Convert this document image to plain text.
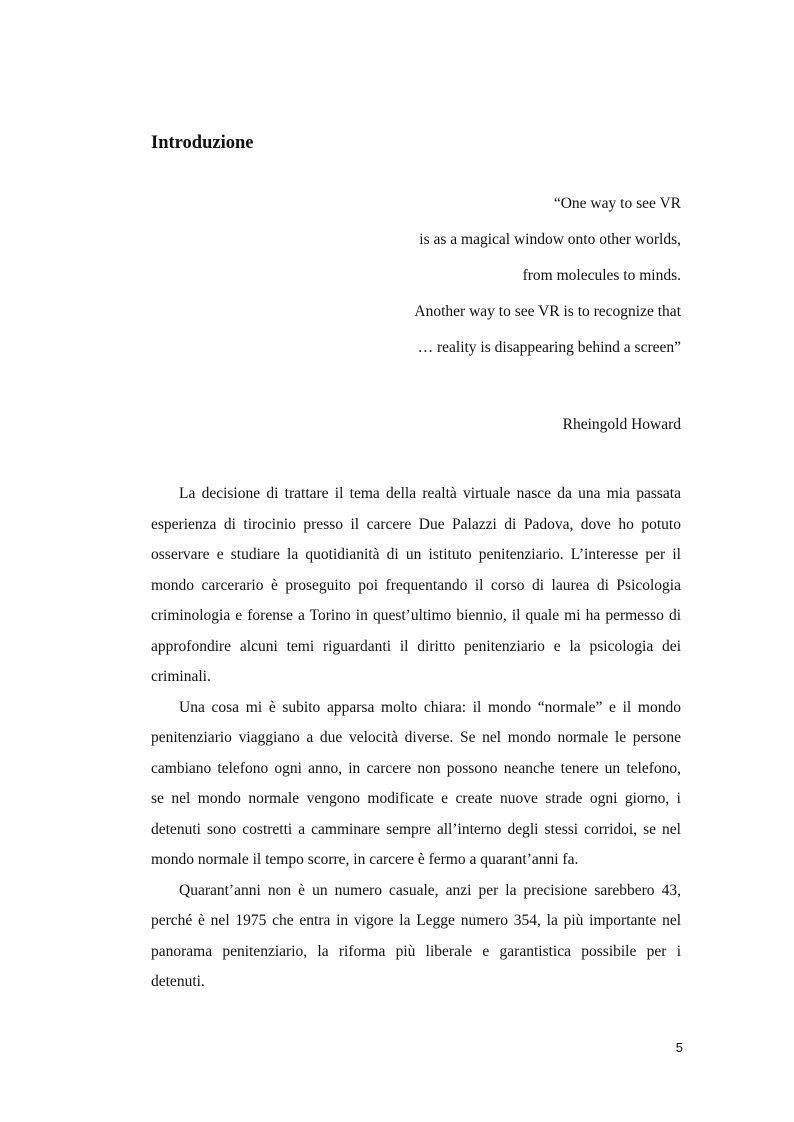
Introduzione
“One way to see VR
is as a magical window onto other worlds,
from molecules to minds.
Another way to see VR is to recognize that
… reality is disappearing behind a screen”

Rheingold Howard

La decisione di trattare il tema della realtà virtuale nasce da una mia passata
esperienza di tirocinio presso il carcere Due Palazzi di Padova, dove ho potuto
osservare e studiare la quotidianità di un istituto penitenziario. L’interesse per il
mondo carcerario è proseguito poi frequentando il corso di laurea di Psicologia
criminologia e forense a Torino in quest’ultimo biennio, il quale mi ha permesso di
approfondire alcuni temi riguardanti il diritto penitenziario e la psicologia dei
criminali.
Una cosa mi è subito apparsa molto chiara: il mondo “normale” e il mondo
penitenziario viaggiano a due velocità diverse. Se nel mondo normale le persone
cambiano telefono ogni anno, in carcere non possono neanche tenere un telefono,
se nel mondo normale vengono modificate e create nuove strade ogni giorno, i
detenuti sono costretti a camminare sempre all’interno degli stessi corridoi, se nel
mondo normale il tempo scorre, in carcere è fermo a quarant’anni fa.
Quarant’anni non è un numero casuale, anzi per la precisione sarebbero 43,
perché è nel 1975 che entra in vigore la Legge numero 354, la più importante nel
panorama penitenziario, la riforma più liberale e garantistica possibile per i
detenuti.

5
